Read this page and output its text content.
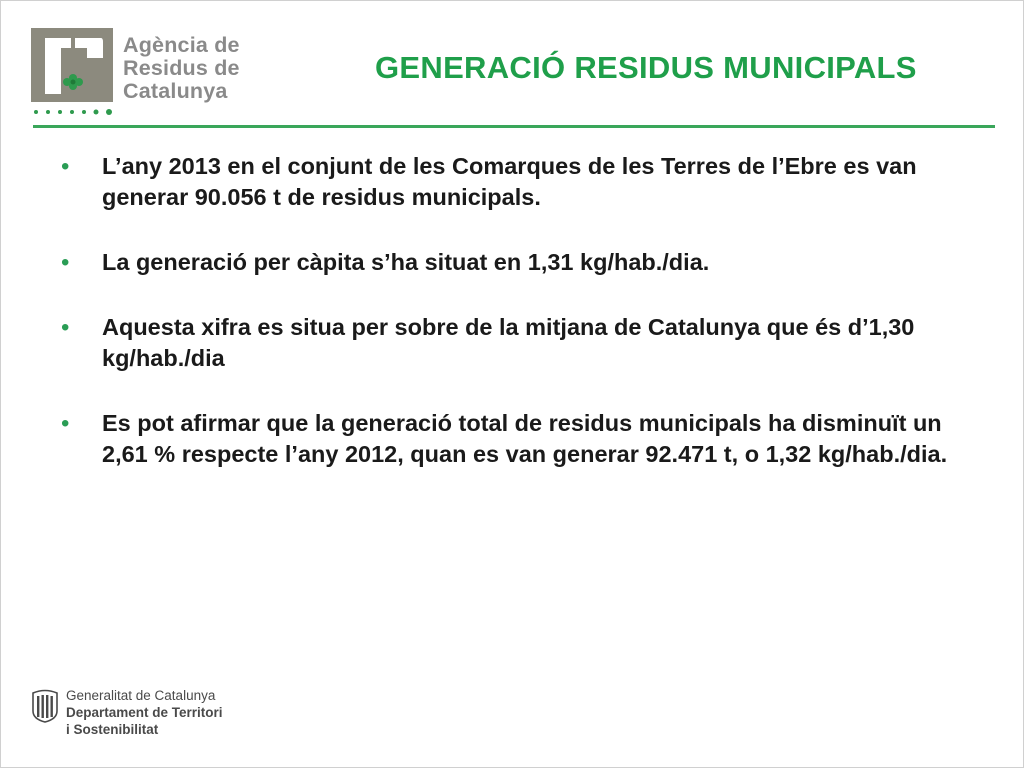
Agència de
Residus de
Catalunya
GENERACIÓ RESIDUS MUNICIPALS
• L’any 2013 en el conjunt de les Comarques de les Terres de l’Ebre es van generar 90.056 t de residus municipals.
• La generació per càpita s’ha situat en 1,31 kg/hab./dia.
• Aquesta xifra es situa per sobre de la mitjana de Catalunya que és d’1,30 kg/hab./dia
• Es pot afirmar que la generació total de residus municipals ha disminuït un 2,61 % respecte l’any 2012, quan es van generar 92.471 t, o 1,32 kg/hab./dia.
Generalitat de Catalunya
Departament de Territori
i Sostenibilitat
